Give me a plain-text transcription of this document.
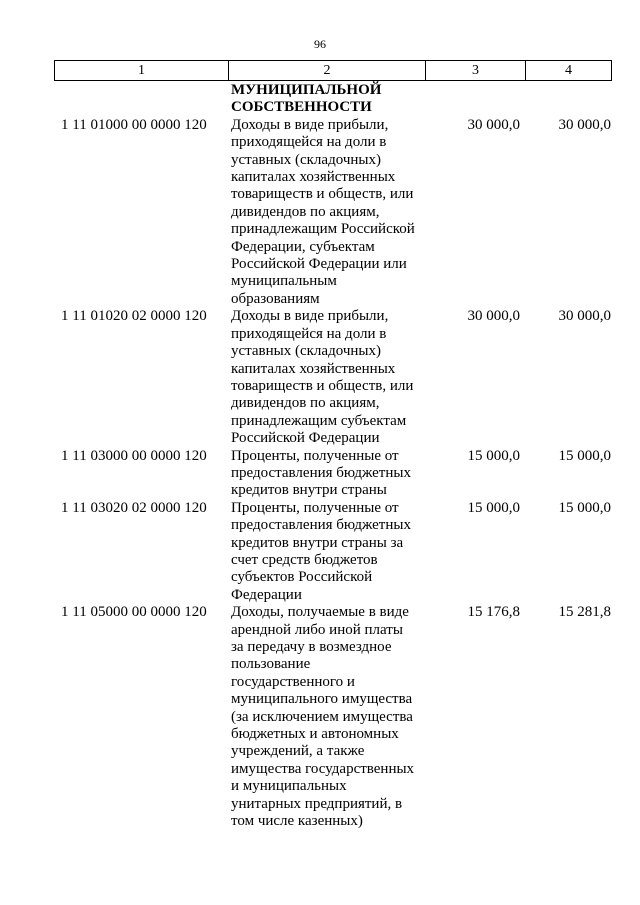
96
1	2	3	4
МУНИЦИПАЛЬНОЙ
СОБСТВЕННОСТИ
1 11 01000 00 0000 120	Доходы в виде прибыли,
приходящейся на доли в
уставных (складочных)
капиталах хозяйственных
товариществ и обществ, или
дивидендов по акциям,
принадлежащим Российской
Федерации, субъектам
Российской Федерации или
муниципальным
образованиям
30 000,0	30 000,0
1 11 01020 02 0000 120	Доходы в виде прибыли,
приходящейся на доли в
уставных (складочных)
капиталах хозяйственных
товариществ и обществ, или
дивидендов по акциям,
принадлежащим субъектам
Российской Федерации
30 000,0	30 000,0
1 11 03000 00 0000 120	Проценты, полученные от
предоставления бюджетных
кредитов внутри страны
15 000,0	15 000,0
1 11 03020 02 0000 120	Проценты, полученные от
предоставления бюджетных
кредитов внутри страны за
счет средств бюджетов
субъектов Российской
Федерации
15 000,0	15 000,0
1 11 05000 00 0000 120	Доходы, получаемые в виде
арендной либо иной платы
за передачу в возмездное
пользование
государственного и
муниципального имущества
(за исключением имущества
бюджетных и автономных
учреждений, а также
имущества государственных
и муниципальных
унитарных предприятий, в
том числе казенных)
15 176,8	15 281,8
